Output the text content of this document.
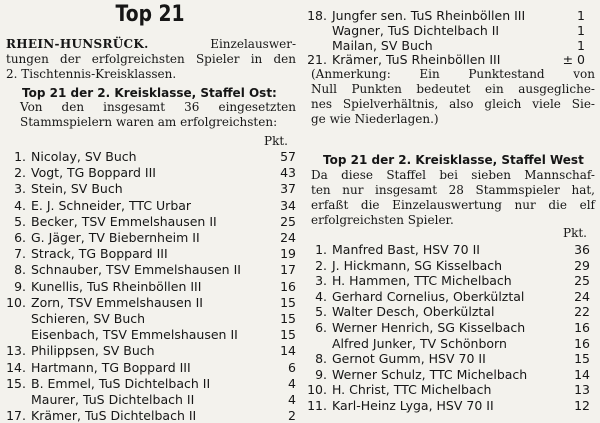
Top 21
RHEIN-HUNSRÜCK.	Einzelauswer-
tungen der erfolgreichsten Spieler in den
2. Tischtennis-Kreisklassen.
Top 21 der 2. Kreisklasse, Staffel Ost:
Von den insgesamt 36 eingesetzten
Stammspielern waren am erfolgreichsten:
Pkt.
1. Nicolay, SV Buch	57
2. Vogt, TG Boppard III	43
3. Stein, SV Buch	37
4. E. J. Schneider, TTC Urbar	34
5. Becker, TSV Emmelshausen II	25
6. G. Jäger, TV Biebernheim II	24
7. Strack, TG Boppard III	19
8. Schnauber, TSV Emmelshausen II	17
9. Kunellis, TuS Rheinböllen III	16
10. Zorn, TSV Emmelshausen II	15
Schieren, SV Buch	15
Eisenbach, TSV Emmelshausen II	15
13. Philippsen, SV Buch	14
14. Hartmann, TG Boppard III	6
15. B. Emmel, TuS Dichtelbach II	4
Maurer, TuS Dichtelbach II	4
17. Krämer, TuS Dichtelbach II	2
18. Jungfer sen. TuS Rheinböllen III	1
Wagner, TuS Dichtelbach II	1
Mailan, SV Buch	1
21. Krämer, TuS Rheinböllen III	± 0
(Anmerkung: Ein Punktestand von
Null Punkten bedeutet ein ausgegliche-
nes Spielverhältnis, also gleich viele Sie-
ge wie Niederlagen.)
Top 21 der 2. Kreisklasse, Staffel West
Da diese Staffel bei sieben Mannschaf-
ten nur insgesamt 28 Stammspieler hat,
erfaßt die Einzelauswertung nur die elf
erfolgreichsten Spieler.
Pkt.
1. Manfred Bast, HSV 70 II	36
2. J. Hickmann, SG Kisselbach	29
3. H. Hammen, TTC Michelbach	25
4. Gerhard Cornelius, Oberkülztal	24
5. Walter Desch, Oberkülztal	22
6. Werner Henrich, SG Kisselbach	16
Alfred Junker, TV Schönborn	16
8. Gernot Gumm, HSV 70 II	15
9. Werner Schulz, TTC Michelbach	14
10. H. Christ, TTC Michelbach	13
11. Karl-Heinz Lyga, HSV 70 II	12
